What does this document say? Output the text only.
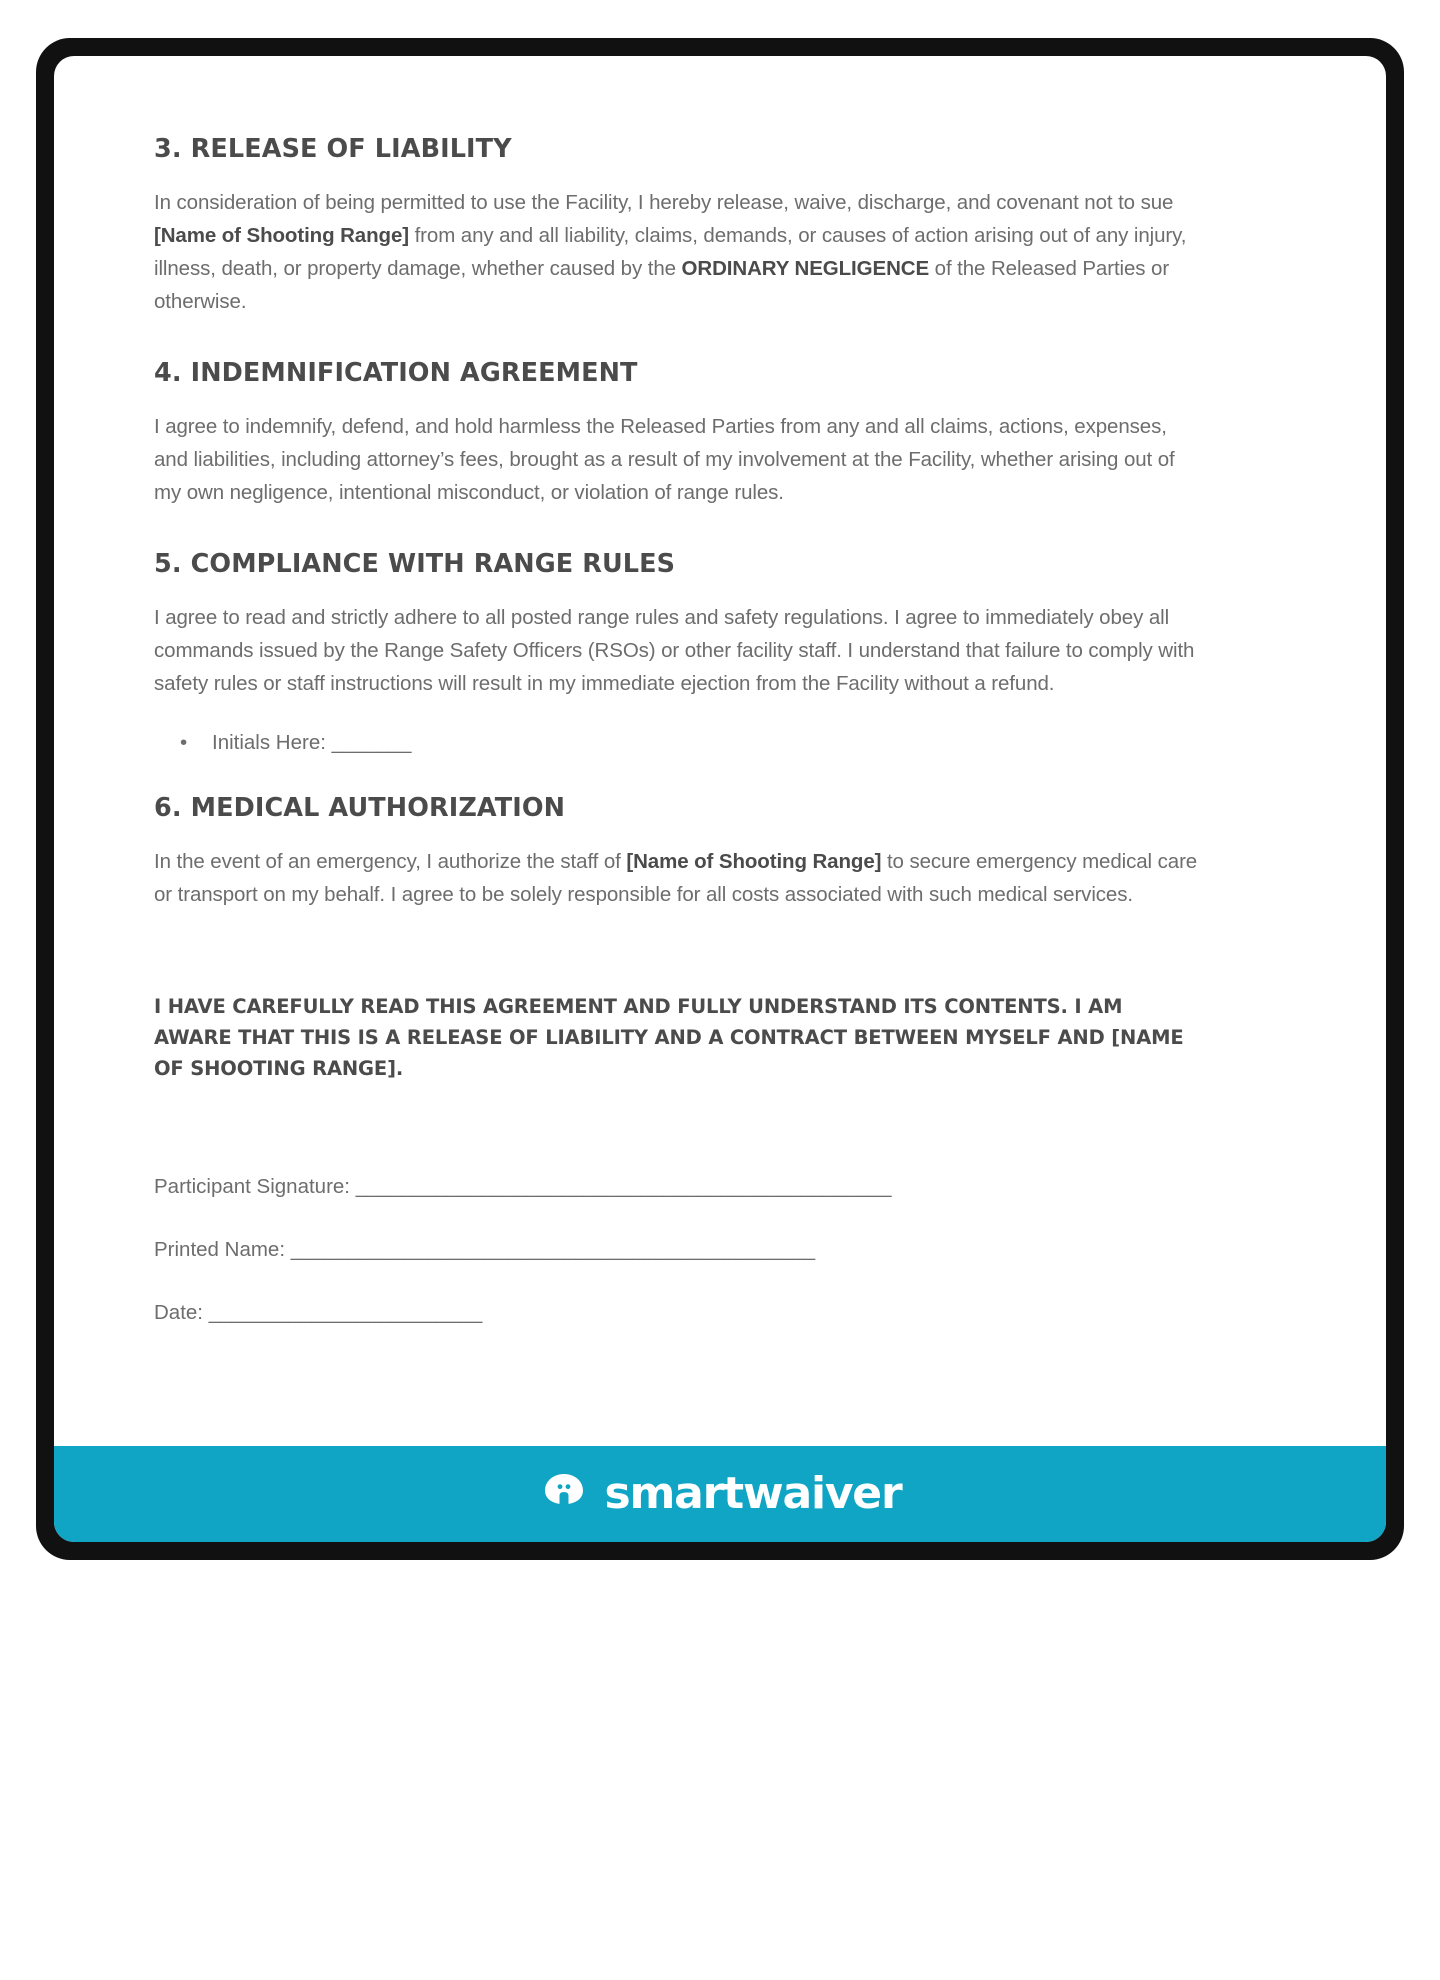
3. RELEASE OF LIABILITY

In consideration of being permitted to use the Facility, I hereby release, waive, discharge, and covenant not to sue [Name of Shooting Range] from any and all liability, claims, demands, or causes of action arising out of any injury, illness, death, or property damage, whether caused by the ORDINARY NEGLIGENCE of the Released Parties or otherwise.

4. INDEMNIFICATION AGREEMENT

I agree to indemnify, defend, and hold harmless the Released Parties from any and all claims, actions, expenses, and liabilities, including attorney’s fees, brought as a result of my involvement at the Facility, whether arising out of my own negligence, intentional misconduct, or violation of range rules.

5. COMPLIANCE WITH RANGE RULES

I agree to read and strictly adhere to all posted range rules and safety regulations. I agree to immediately obey all commands issued by the Range Safety Officers (RSOs) or other facility staff. I understand that failure to comply with safety rules or staff instructions will result in my immediate ejection from the Facility without a refund.

• Initials Here: _______
6. MEDICAL AUTHORIZATION

In the event of an emergency, I authorize the staff of [Name of Shooting Range] to secure emergency medical care or transport on my behalf. I agree to be solely responsible for all costs associated with such medical services.

I HAVE CAREFULLY READ THIS AGREEMENT AND FULLY UNDERSTAND ITS CONTENTS. I AM AWARE THAT THIS IS A RELEASE OF LIABILITY AND A CONTRACT BETWEEN MYSELF AND [NAME OF SHOOTING RANGE].

Participant Signature: _______________________________________________
Printed Name: ______________________________________________
Date: ________________________
smartwaiver
